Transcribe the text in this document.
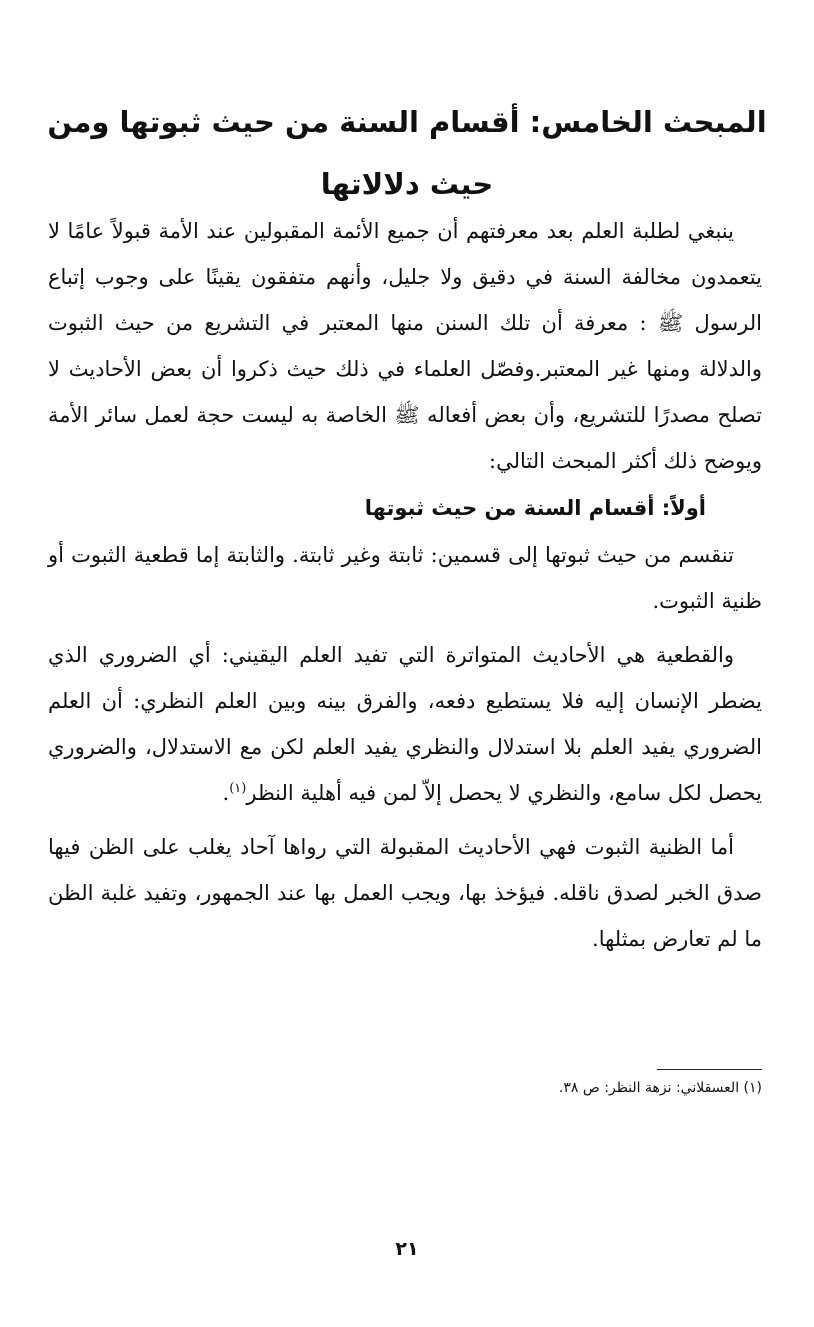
المبحث الخامس: أقسام السنة من حيث ثبوتها ومن حيث دلالاتها

ينبغي لطلبة العلم بعد معرفتهم أن جميع الأئمة المقبولين عند الأمة قبولاً عامًا لا يتعمدون مخالفة السنة في دقيق ولا جليل، وأنهم متفقون يقينًا على وجوب إتباع الرسول ﷺ : معرفة أن تلك السنن منها المعتبر في التشريع من حيث الثبوت والدلالة ومنها غير المعتبر.وفصّل العلماء في ذلك حيث ذكروا أن بعض الأحاديث لا تصلح مصدرًا للتشريع، وأن بعض أفعاله ﷺ الخاصة به ليست حجة لعمل سائر الأمة ويوضح ذلك أكثر المبحث التالي:

أولاً: أقسام السنة من حيث ثبوتها

تنقسم من حيث ثبوتها إلى قسمين: ثابتة وغير ثابتة. والثابتة إما قطعية الثبوت أو ظنية الثبوت.

والقطعية هي الأحاديث المتواترة التي تفيد العلم اليقيني: أي الضروري الذي يضطر الإنسان إليه فلا يستطيع دفعه، والفرق بينه وبين العلم النظري: أن العلم الضروري يفيد العلم بلا استدلال والنظري يفيد العلم لكن مع الاستدلال، والضروري يحصل لكل سامع، والنظري لا يحصل إلاّ لمن فيه أهلية النظر$^{(١)}$.

أما الظنية الثبوت فهي الأحاديث المقبولة التي رواها آحاد يغلب على الظن فيها صدق الخبر لصدق ناقله. فيؤخذ بها، ويجب العمل بها عند الجمهور، وتفيد غلبة الظن ما لم تعارض بمثلها.

(١) العسقلاني: نزهة النظر: ص ٣٨.
٢١
